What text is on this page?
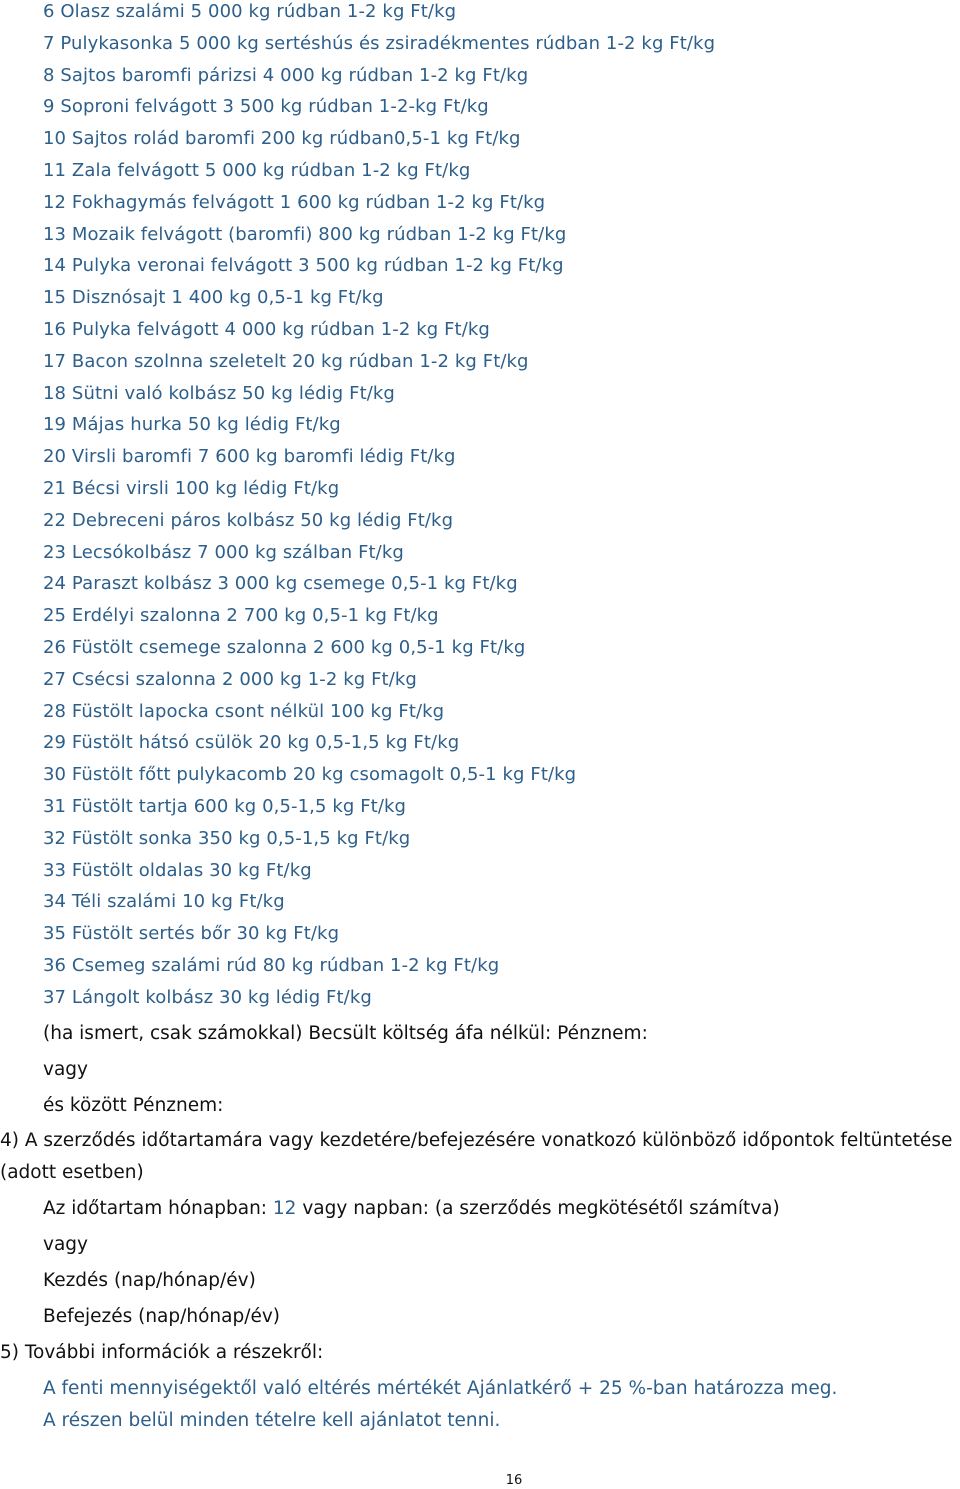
6 Olasz szalámi 5 000 kg rúdban 1-2 kg Ft/kg
7 Pulykasonka 5 000 kg sertéshús és zsiradékmentes rúdban 1-2 kg Ft/kg
8 Sajtos baromfi párizsi 4 000 kg rúdban 1-2 kg Ft/kg
9 Soproni felvágott 3 500 kg rúdban 1-2-kg Ft/kg
10 Sajtos rolád baromfi 200 kg rúdban0,5-1 kg Ft/kg
11 Zala felvágott 5 000 kg rúdban 1-2 kg Ft/kg
12 Fokhagymás felvágott 1 600 kg rúdban 1-2 kg Ft/kg
13 Mozaik felvágott (baromfi) 800 kg rúdban 1-2 kg Ft/kg
14 Pulyka veronai felvágott 3 500 kg rúdban 1-2 kg Ft/kg
15 Disznósajt 1 400 kg 0,5-1 kg Ft/kg
16 Pulyka felvágott 4 000 kg rúdban 1-2 kg Ft/kg
17 Bacon szolnna szeletelt 20 kg rúdban 1-2 kg Ft/kg
18 Sütni való kolbász 50 kg lédig Ft/kg
19 Májas hurka 50 kg lédig Ft/kg
20 Virsli baromfi 7 600 kg baromfi lédig Ft/kg
21 Bécsi virsli 100 kg lédig Ft/kg
22 Debreceni páros kolbász 50 kg lédig Ft/kg
23 Lecsókolbász 7 000 kg szálban Ft/kg
24 Paraszt kolbász 3 000 kg csemege 0,5-1 kg Ft/kg
25 Erdélyi szalonna 2 700 kg 0,5-1 kg Ft/kg
26 Füstölt csemege szalonna 2 600 kg 0,5-1 kg Ft/kg
27 Csécsi szalonna 2 000 kg 1-2 kg Ft/kg
28 Füstölt lapocka csont nélkül 100 kg Ft/kg
29 Füstölt hátsó csülök 20 kg 0,5-1,5 kg Ft/kg
30 Füstölt főtt pulykacomb 20 kg csomagolt 0,5-1 kg Ft/kg
31 Füstölt tartja 600 kg 0,5-1,5 kg Ft/kg
32 Füstölt sonka 350 kg 0,5-1,5 kg Ft/kg
33 Füstölt oldalas 30 kg Ft/kg
34 Téli szalámi 10 kg Ft/kg
35 Füstölt sertés bőr 30 kg Ft/kg
36 Csemeg szalámi rúd 80 kg rúdban 1-2 kg Ft/kg
37 Lángolt kolbász 30 kg lédig Ft/kg
(ha ismert, csak számokkal) Becsült költség áfa nélkül: Pénznem:
vagy
és között Pénznem:
4) A szerződés időtartamára vagy kezdetére/befejezésére vonatkozó különböző időpontok feltüntetése
(adott esetben)
Az időtartam hónapban: 12 vagy napban: (a szerződés megkötésétől számítva)
vagy
Kezdés (nap/hónap/év)
Befejezés (nap/hónap/év)
5) További információk a részekről:
A fenti mennyiségektől való eltérés mértékét Ajánlatkérő + 25 %-ban határozza meg.
A részen belül minden tételre kell ajánlatot tenni.
16
